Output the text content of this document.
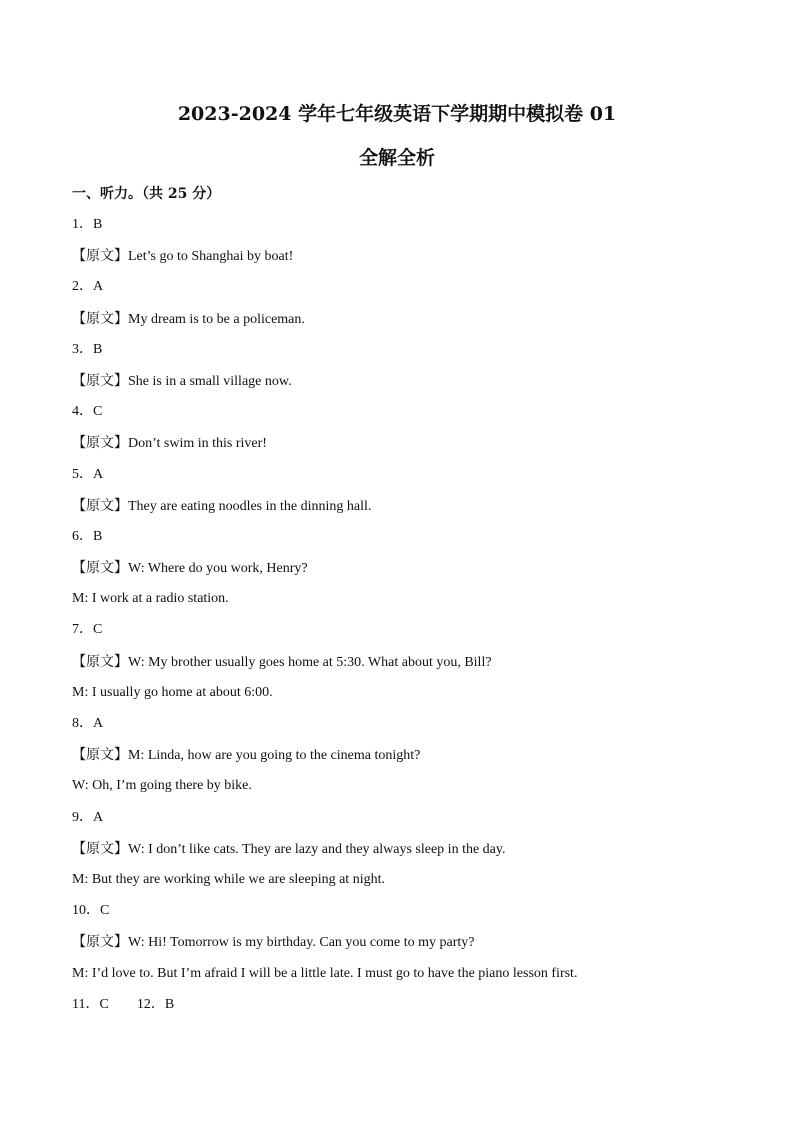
2023-2024 学年七年级英语下学期期中模拟卷 01
全解全析

一、听力。（共 25 分）

1．B
【原文】Let’s go to Shanghai by boat!
2．A
【原文】My dream is to be a policeman.
3．B
【原文】She is in a small village now.
4．C
【原文】Don’t swim in this river!
5．A
【原文】They are eating noodles in the dinning hall.
6．B
【原文】W: Where do you work, Henry?
M: I work at a radio station.
7．C
【原文】W: My brother usually goes home at 5:30. What about you, Bill?
M: I usually go home at about 6:00.
8．A
【原文】M: Linda, how are you going to the cinema tonight?
W: Oh, I’m going there by bike.
9．A
【原文】W: I don’t like cats. They are lazy and they always sleep in the day.
M: But they are working while we are sleeping at night.
10．C
【原文】W: Hi! Tomorrow is my birthday. Can you come to my party?
M: I’d love to. But I’m afraid I will be a little late. I must go to have the piano lesson first.
11．C 12．B
